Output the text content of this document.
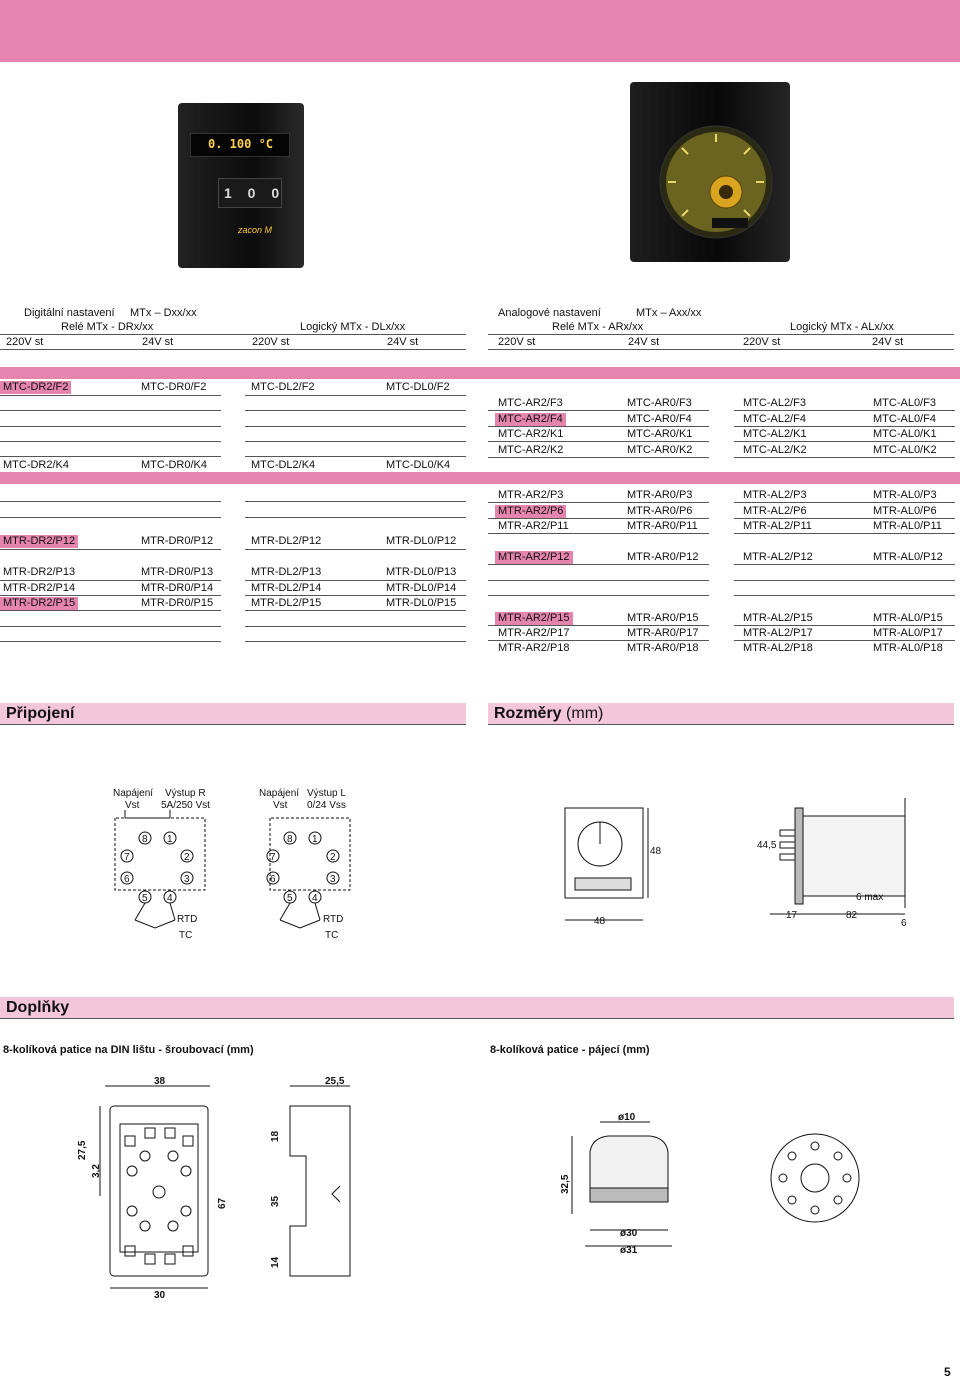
0. 100 °C
1 0 0
zacon M
Digitální nastavení MTx – Dxx/xx
Relé MTx - DRx/xx	Logický MTx - DLx/xx
220V st	24V st	220V st	24V st
Analogové nastavení	MTx – Axx/xx
Relé MTx - ARx/xx	Logický MTx - ALx/xx
220V st	24V st	220V st	24V st
MTC-DR2/F2	MTC-DR0/F2	MTC-DL2/F2	MTC-DL0/F2
MTC-DR2/K4	MTC-DR0/K4	MTC-DL2/K4	MTC-DL0/K4
MTR-DR2/P12	MTR-DR0/P12	MTR-DL2/P12	MTR-DL0/P12
MTR-DR2/P13	MTR-DR0/P13	MTR-DL2/P13	MTR-DL0/P13
MTR-DR2/P14	MTR-DR0/P14	MTR-DL2/P14	MTR-DL0/P14
MTR-DR2/P15	MTR-DR0/P15	MTR-DL2/P15	MTR-DL0/P15
MTC-AR2/F3	MTC-AR0/F3	MTC-AL2/F3	MTC-AL0/F3
MTC-AR2/F4	MTC-AR0/F4	MTC-AL2/F4	MTC-AL0/F4
MTC-AR2/K1	MTC-AR0/K1	MTC-AL2/K1	MTC-AL0/K1
MTC-AR2/K2	MTC-AR0/K2	MTC-AL2/K2	MTC-AL0/K2
MTR-AR2/P3	MTR-AR0/P3	MTR-AL2/P3	MTR-AL0/P3
MTR-AR2/P6	MTR-AR0/P6	MTR-AL2/P6	MTR-AL0/P6
MTR-AR2/P11	MTR-AR0/P11	MTR-AL2/P11	MTR-AL0/P11
MTR-AR2/P12	MTR-AR0/P12	MTR-AL2/P12	MTR-AL0/P12
MTR-AR2/P15	MTR-AR0/P15	MTR-AL2/P15	MTR-AL0/P15
MTR-AR2/P17	MTR-AR0/P17	MTR-AL2/P17	MTR-AL0/P17
MTR-AR2/P18	MTR-AR0/P18	MTR-AL2/P18	MTR-AL0/P18
Připojení	Rozměry (mm)
Napájení
Vst
Výstup R
5A/250 Vst
Napájení
Vst
Výstup L
0/24 Vss
8 1
7	2
6	3
5 4
8 1
7	2
6	3
5 4
RTD
TC
RTD
TC
48
48
44,5
6 max
17	82
6
Doplňky
8-kolíková patice na DIN lištu - šroubovací (mm)	8-kolíková patice - pájecí (mm)
38	25,5
27,5
3,2
67
18
35
14
30
ø10
32,5
ø30
ø31
5
